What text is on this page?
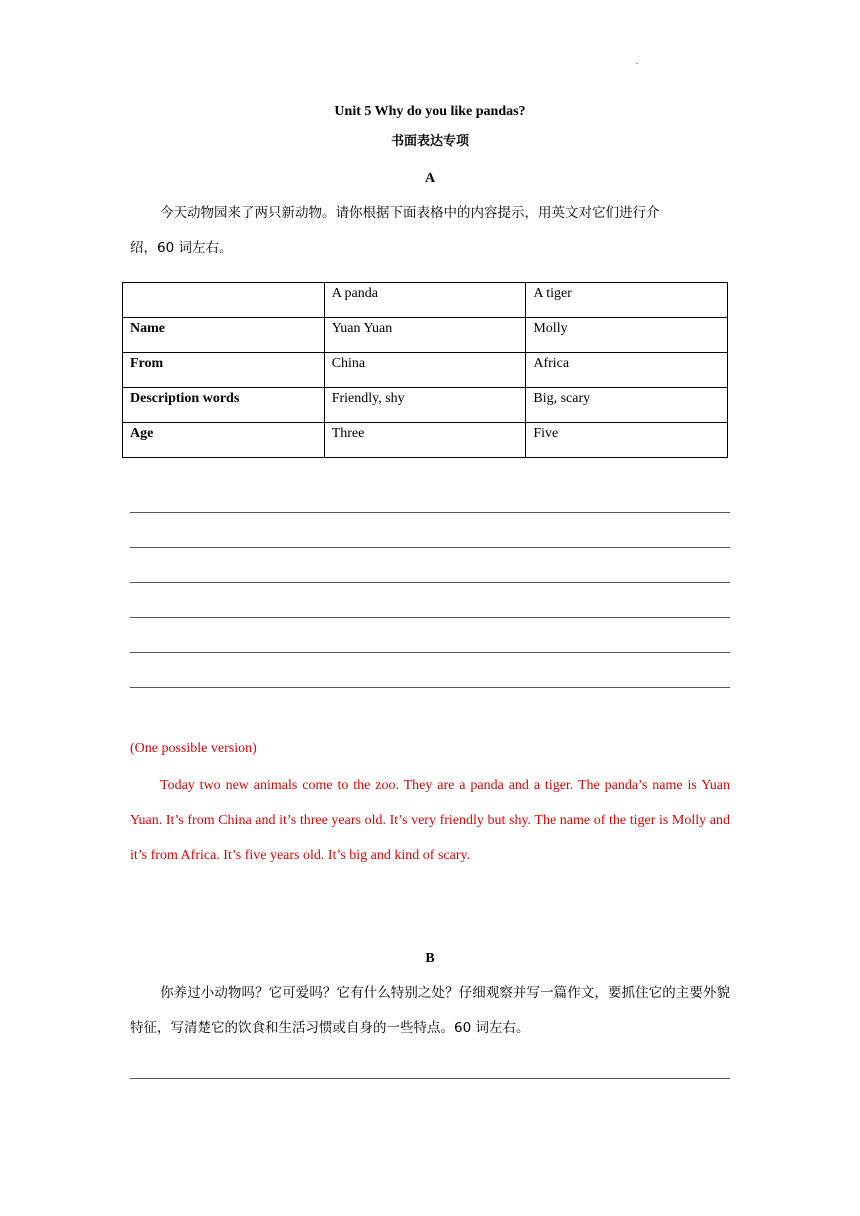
.
Unit 5 Why do you like pandas?
书面表达专项
A
今天动物园来了两只新动物。请你根据下面表格中的内容提示，用英文对它们进行介
绍，60 词左右。
	A panda	A tiger
Name	Yuan Yuan	Molly
From	China	Africa
Description words	Friendly, shy	Big, scary
Age	Three	Five
(One possible version)
Today two new animals come to the zoo. They are a panda and a tiger. The panda’s name is Yuan Yuan. It’s from China and it’s three years old. It’s very friendly but shy. The name of the tiger is Molly and it’s from Africa. It’s five years old. It’s big and kind of scary.
B
你养过小动物吗？它可爱吗？它有什么特别之处？仔细观察并写一篇作文，要抓住它的主要外貌特征，写清楚它的饮食和生活习惯或自身的一些特点。60 词左右。
